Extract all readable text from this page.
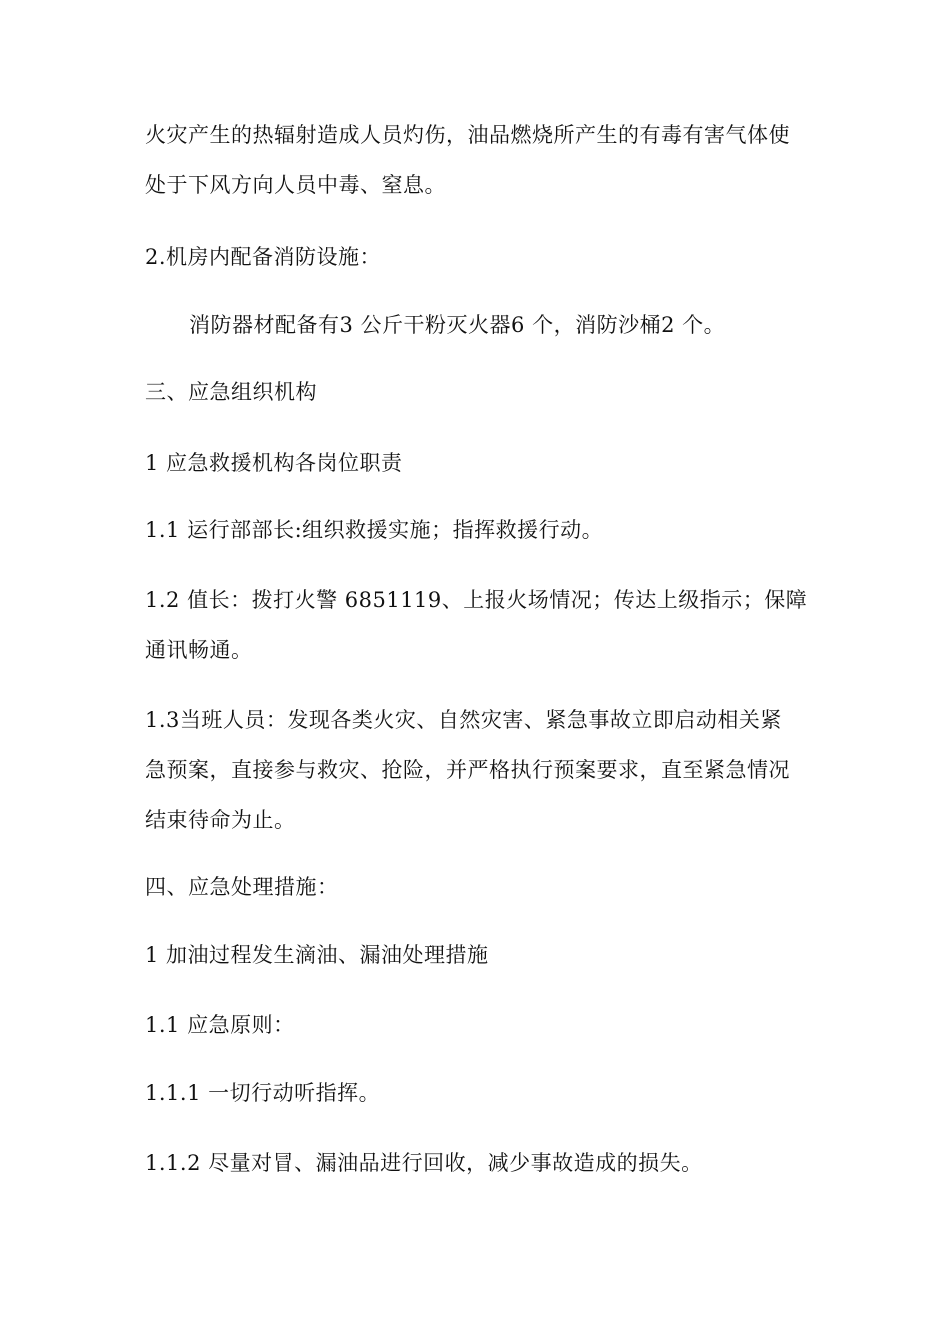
火灾产生的热辐射造成人员灼伤，油品燃烧所产生的有毒有害气体使
处于下风方向人员中毒、窒息。
2.机房内配备消防设施：
消防器材配备有3 公斤干粉灭火器6 个，消防沙桶2 个。
三、应急组织机构
1 应急救援机构各岗位职责
1.1 运行部部长:组织救援实施；指挥救援行动。
1.2 值长：拨打火警 6851119、上报火场情况；传达上级指示；保障
通讯畅通。
1.3当班人员：发现各类火灾、自然灾害、紧急事故立即启动相关紧
急预案，直接参与救灾、抢险，并严格执行预案要求，直至紧急情况
结束待命为止。
四、应急处理措施：
1 加油过程发生滴油、漏油处理措施
1.1 应急原则：
1.1.1 一切行动听指挥。
1.1.2 尽量对冒、漏油品进行回收，减少事故造成的损失。
